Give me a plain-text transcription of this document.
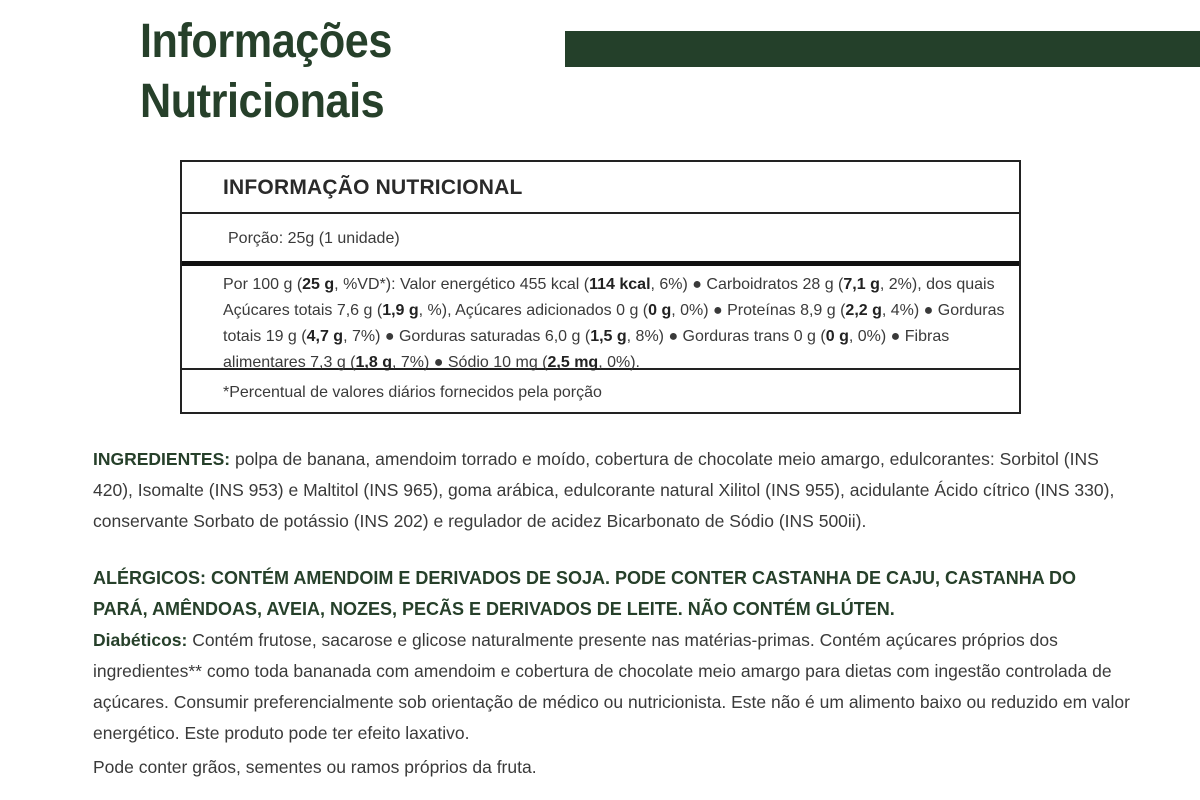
Informações
Nutricionais
INFORMAÇÃO NUTRICIONAL
Porção: 25g (1 unidade)

Por 100 g (25 g, %VD*): Valor energético 455 kcal (114 kcal, 6%) ● Carboidratos 28 g (7,1 g, 2%), dos quais Açúcares totais 7,6 g (1,9 g, %), Açúcares adicionados 0 g (0 g, 0%) ● Proteínas 8,9 g (2,2 g, 4%) ● Gorduras totais 19 g (4,7 g, 7%) ● Gorduras saturadas 6,0 g (1,5 g, 8%) ● Gorduras trans 0 g (0 g, 0%) ● Fibras alimentares 7,3 g (1,8 g, 7%) ● Sódio 10 mg (2,5 mg, 0%).

*Percentual de valores diários fornecidos pela porção

INGREDIENTES: polpa de banana, amendoim torrado e moído, cobertura de chocolate meio amargo, edulcorantes: Sorbitol (INS 420), Isomalte (INS 953) e Maltitol (INS 965), goma arábica, edulcorante natural Xilitol (INS 955), acidulante Ácido cítrico (INS 330), conservante Sorbato de potássio (INS 202) e regulador de acidez Bicarbonato de Sódio (INS 500ii).

ALÉRGICOS: CONTÉM AMENDOIM E DERIVADOS DE SOJA. PODE CONTER CASTANHA DE CAJU, CASTANHA DO PARÁ, AMÊNDOAS, AVEIA, NOZES, PECÃS E DERIVADOS DE LEITE. NÃO CONTÉM GLÚTEN.

Diabéticos: Contém frutose, sacarose e glicose naturalmente presente nas matérias-primas. Contém açúcares próprios dos ingredientes** como toda bananada com amendoim e cobertura de chocolate meio amargo para dietas com ingestão controlada de açúcares. Consumir preferencialmente sob orientação de médico ou nutricionista. Este não é um alimento baixo ou reduzido em valor energético. Este produto pode ter efeito laxativo.

Pode conter grãos, sementes ou ramos próprios da fruta.
